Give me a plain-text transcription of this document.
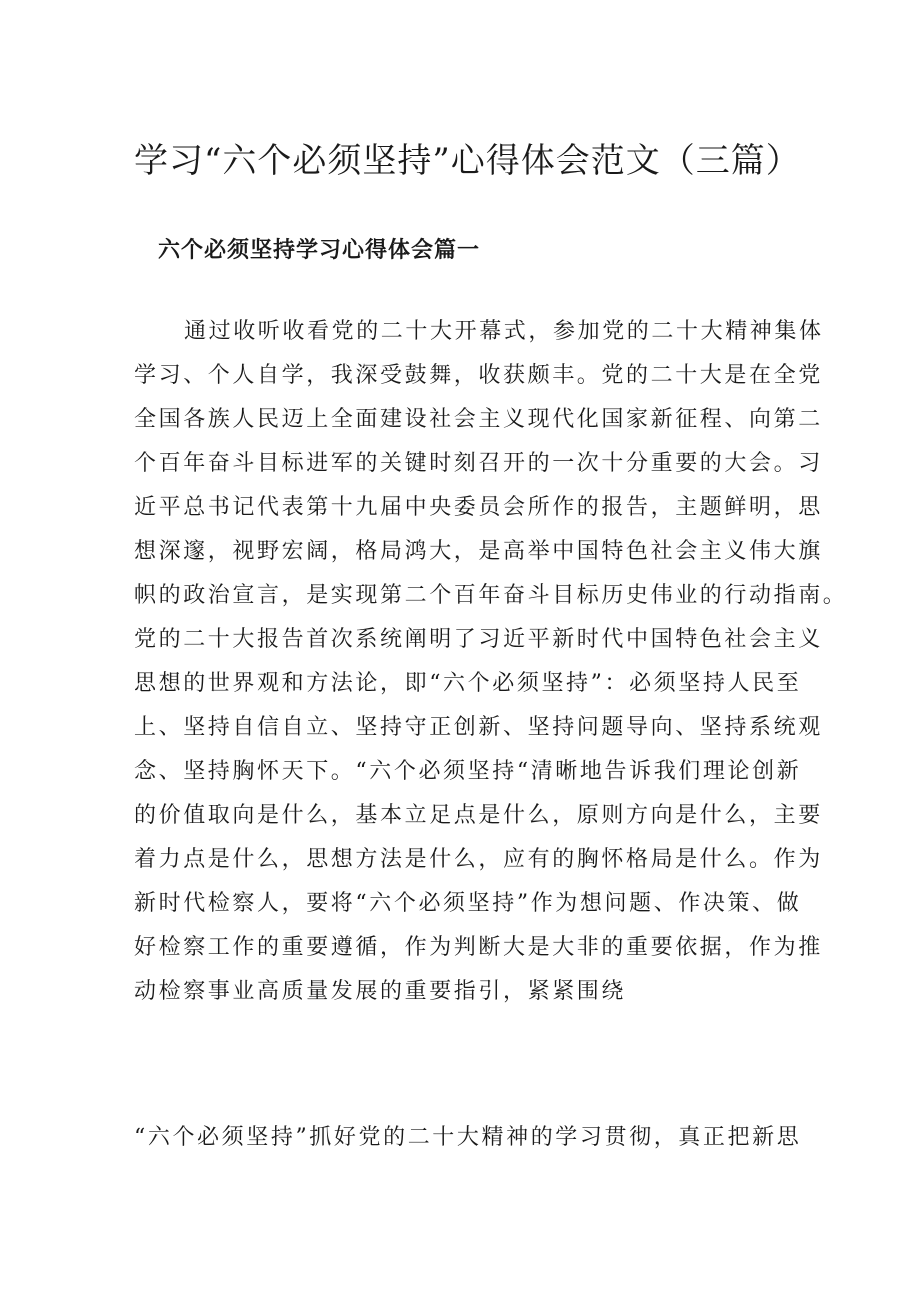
学习“六个必须坚持”心得体会范文（三篇）
六个必须坚持学习心得体会篇一
通过收听收看党的二十大开幕式，参加党的二十大精神集体
学习、个人自学，我深受鼓舞，收获颇丰。党的二十大是在全党
全国各族人民迈上全面建设社会主义现代化国家新征程、向第二
个百年奋斗目标进军的关键时刻召开的一次十分重要的大会。习
近平总书记代表第十九届中央委员会所作的报告，主题鲜明，思
想深邃，视野宏阔，格局鸿大，是高举中国特色社会主义伟大旗
帜的政治宣言，是实现第二个百年奋斗目标历史伟业的行动指南。
党的二十大报告首次系统阐明了习近平新时代中国特色社会主义
思想的世界观和方法论，即“六个必须坚持”：必须坚持人民至
上、坚持自信自立、坚持守正创新、坚持问题导向、坚持系统观
念、坚持胸怀天下。“六个必须坚持“清晰地告诉我们理论创新
的价值取向是什么，基本立足点是什么，原则方向是什么，主要
着力点是什么，思想方法是什么，应有的胸怀格局是什么。作为
新时代检察人，要将“六个必须坚持”作为想问题、作决策、做
好检察工作的重要遵循，作为判断大是大非的重要依据，作为推
动检察事业高质量发展的重要指引，紧紧围绕
“六个必须坚持”抓好党的二十大精神的学习贯彻，真正把新思
